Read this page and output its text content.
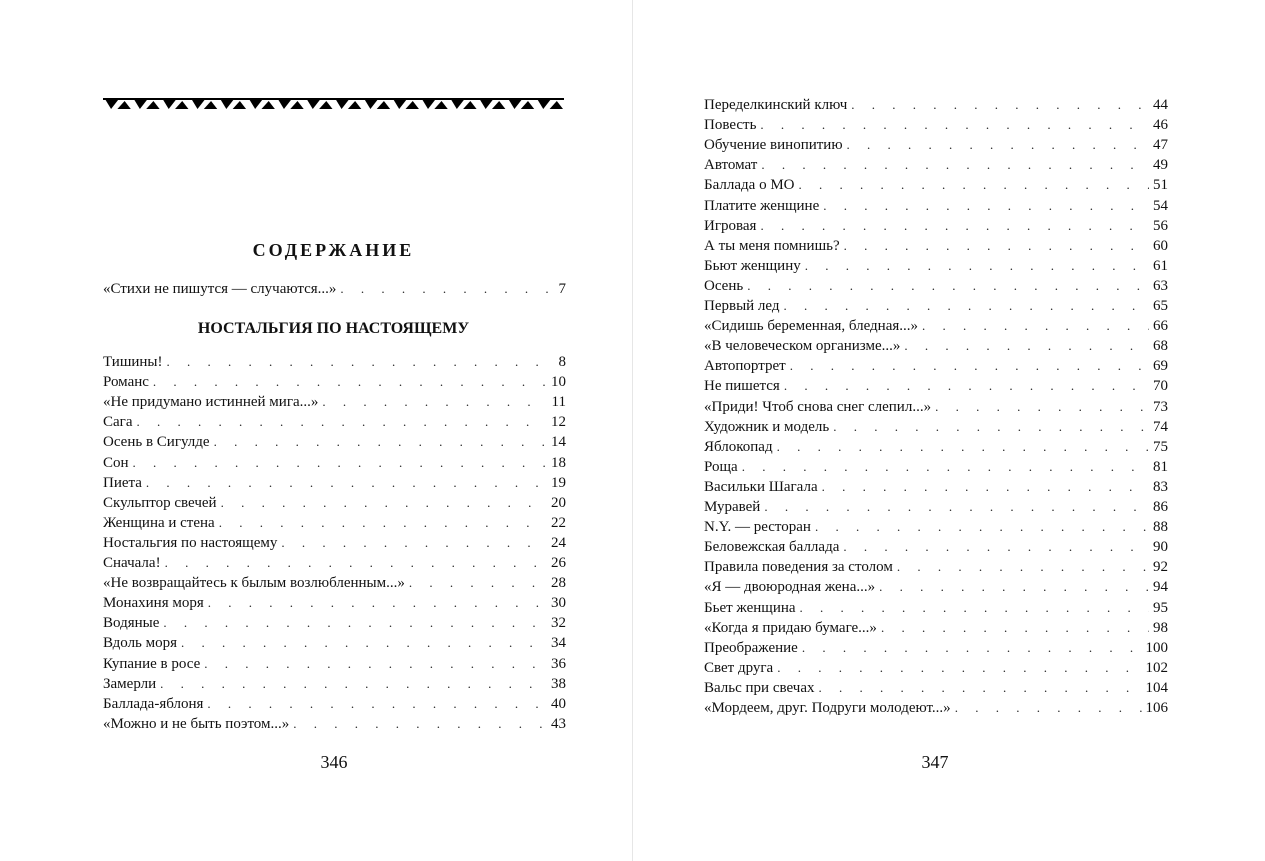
СОДЕРЖАНИЕ
«Стихи не пишутся — случаются...» . . .	7
НОСТАЛЬГИЯ ПО НАСТОЯЩЕМУ
Тишины! . . .	8
Романс . . .	10
«Не придумано истинней мига...» . . .	11
Сага . . .	12
Осень в Сигулде . . .	14
Сон . . .	18
Пиета . . .	19
Скульптор свечей . . .	20
Женщина и стена . . .	22
Ностальгия по настоящему . . .	24
Сначала! . . .	26
«Не возвращайтесь к былым возлюбленным...» . . .	28
Монахиня моря . . .	30
Водяные . . .	32
Вдоль моря . . .	34
Купание в росе . . .	36
Замерли . . .	38
Баллада-яблоня . . .	40
«Можно и не быть поэтом...» . . .	43
346
Переделкинский ключ . . .	44
Повесть . . .	46
Обучение винопитию . . .	47
Автомат . . .	49
Баллада о МО . . .	51
Платите женщине . . .	54
Игровая . . .	56
А ты меня помнишь? . . .	60
Бьют женщину . . .	61
Осень . . .	63
Первый лед . . .	65
«Сидишь беременная, бледная...» . . .	66
«В человеческом организме...» . . .	68
Автопортрет . . .	69
Не пишется . . .	70
«Приди! Чтоб снова снег слепил...» . . .	73
Художник и модель . . .	74
Яблокопад . . .	75
Роща . . .	81
Васильки Шагала . . .	83
Муравей . . .	86
N.Y. — ресторан . . .	88
Беловежская баллада . . .	90
Правила поведения за столом . . .	92
«Я — двоюродная жена...» . . .	94
Бьет женщина . . .	95
«Когда я придаю бумаге...» . . .	98
Преображение . . .	100
Свет друга . . .	102
Вальс при свечах . . .	104
«Мордеем, друг. Подруги молодеют...» . . .	106
347
